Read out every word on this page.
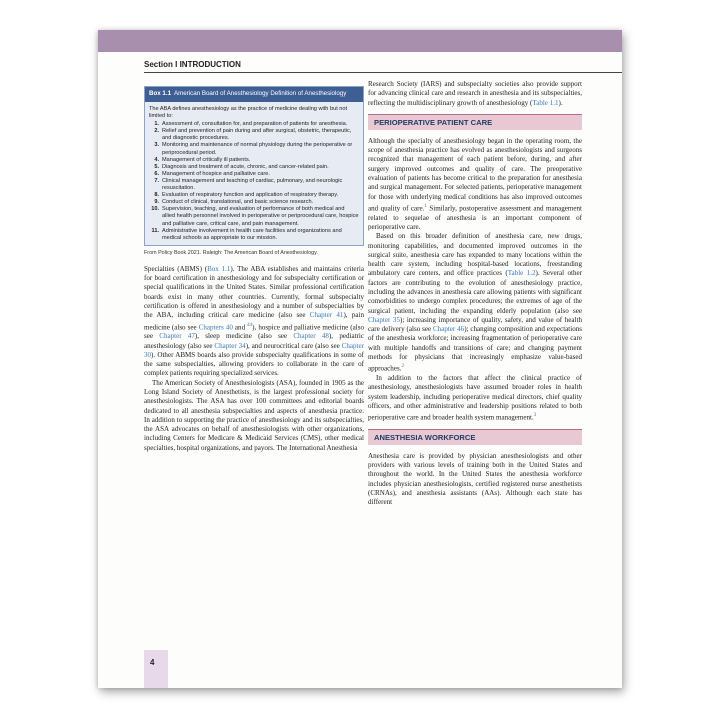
Section I INTRODUCTION
Box 1.1 American Board of Anesthesiology Definition of Anesthesiology
The ABA defines anesthesiology as the practice of medicine dealing with but not limited to:
1. Assessment of, consultation for, and preparation of patients for anesthesia.
2. Relief and prevention of pain during and after surgical, obstetric, therapeutic, and diagnostic procedures.
3. Monitoring and maintenance of normal physiology during the perioperative or periprocedural period.
4. Management of critically ill patients.
5. Diagnosis and treatment of acute, chronic, and cancer-related pain.
6. Management of hospice and palliative care.
7. Clinical management and teaching of cardiac, pulmonary, and neurologic resuscitation.
8. Evaluation of respiratory function and application of respiratory therapy.
9. Conduct of clinical, translational, and basic science research.
10. Supervision, teaching, and evaluation of performance of both medical and allied health personnel involved in perioperative or periprocedural care, hospice and palliative care, critical care, and pain management.
11. Administrative involvement in health care facilities and organizations and medical schools as appropriate to our mission.
From Policy Book 2021. Raleigh: The American Board of Anesthesiology.

Specialties (ABMS) (Box 1.1). The ABA establishes and maintains criteria for board certification in anesthesiology and for subspecialty certification or special qualifications in the United States. Similar professional certification boards exist in many other countries. Currently, formal subspecialty certification is offered in anesthesiology and a number of subspecialties by the ABA, including critical care medicine (also see Chapter 41), pain medicine (also see Chapters 40 and $^{44}$), hospice and palliative medicine (also see Chapter 47), sleep medicine (also see Chapter 48), pediatric anesthesiology (also see Chapter 34), and neurocritical care (also see Chapter 30). Other ABMS boards also provide subspecialty qualifications in some of the same subspecialties, allowing providers to collaborate in the care of complex patients requiring specialized services.

The American Society of Anesthesiologists (ASA), founded in 1905 as the Long Island Society of Anesthetists, is the largest professional society for anesthesiologists. The ASA has over 100 committees and editorial boards dedicated to all anesthesia subspecialties and aspects of anesthesia practice. In addition to supporting the practice of anesthesiology and its subspecialties, the ASA advocates on behalf of anesthesiologists with other organizations, including Centers for Medicare & Medicaid Services (CMS), other medical specialties, hospital organizations, and payors. The International Anesthesia

Research Society (IARS) and subspecialty societies also provide support for advancing clinical care and research in anesthesia and its subspecialties, reflecting the multidisciplinary growth of anesthesiology (Table 1.1).

PERIOPERATIVE PATIENT CARE

Although the specialty of anesthesiology began in the operating room, the scope of anesthesia practice has evolved as anesthesiologists and surgeons recognized that management of each patient before, during, and after surgery improved outcomes and quality of care. The preoperative evaluation of patients has become critical to the preparation for anesthesia and surgical management. For selected patients, perioperative management for those with underlying medical conditions has also improved outcomes and quality of care.$^1$ Similarly, postoperative assessment and management related to sequelae of anesthesia is an important component of perioperative care.

Based on this broader definition of anesthesia care, new drugs, monitoring capabilities, and documented improved outcomes in the surgical suite, anesthesia care has expanded to many locations within the health care system, including hospital-based locations, freestanding ambulatory care centers, and office practices (Table 1.2). Several other factors are contributing to the evolution of anesthesiology practice, including the advances in anesthesia care allowing patients with significant comorbidities to undergo complex procedures; the extremes of age of the surgical patient, including the expanding elderly population (also see Chapter 35); increasing importance of quality, safety, and value of health care delivery (also see Chapter 46); changing composition and expectations of the anesthesia workforce; increasing fragmentation of perioperative care with multiple handoffs and transitions of care; and changing payment methods for physicians that increasingly emphasize value-based approaches.$^2$

In addition to the factors that affect the clinical practice of anesthesiology, anesthesiologists have assumed broader roles in health system leadership, including perioperative medical directors, chief quality officers, and other administrative and leadership positions related to both perioperative care and broader health system management.$^3$

ANESTHESIA WORKFORCE

Anesthesia care is provided by physician anesthesiologists and other providers with various levels of training both in the United States and throughout the world. In the United States the anesthesia workforce includes physician anesthesiologists, certified registered nurse anesthetists (CRNAs), and anesthesia assistants (AAs). Although each state has different

4
